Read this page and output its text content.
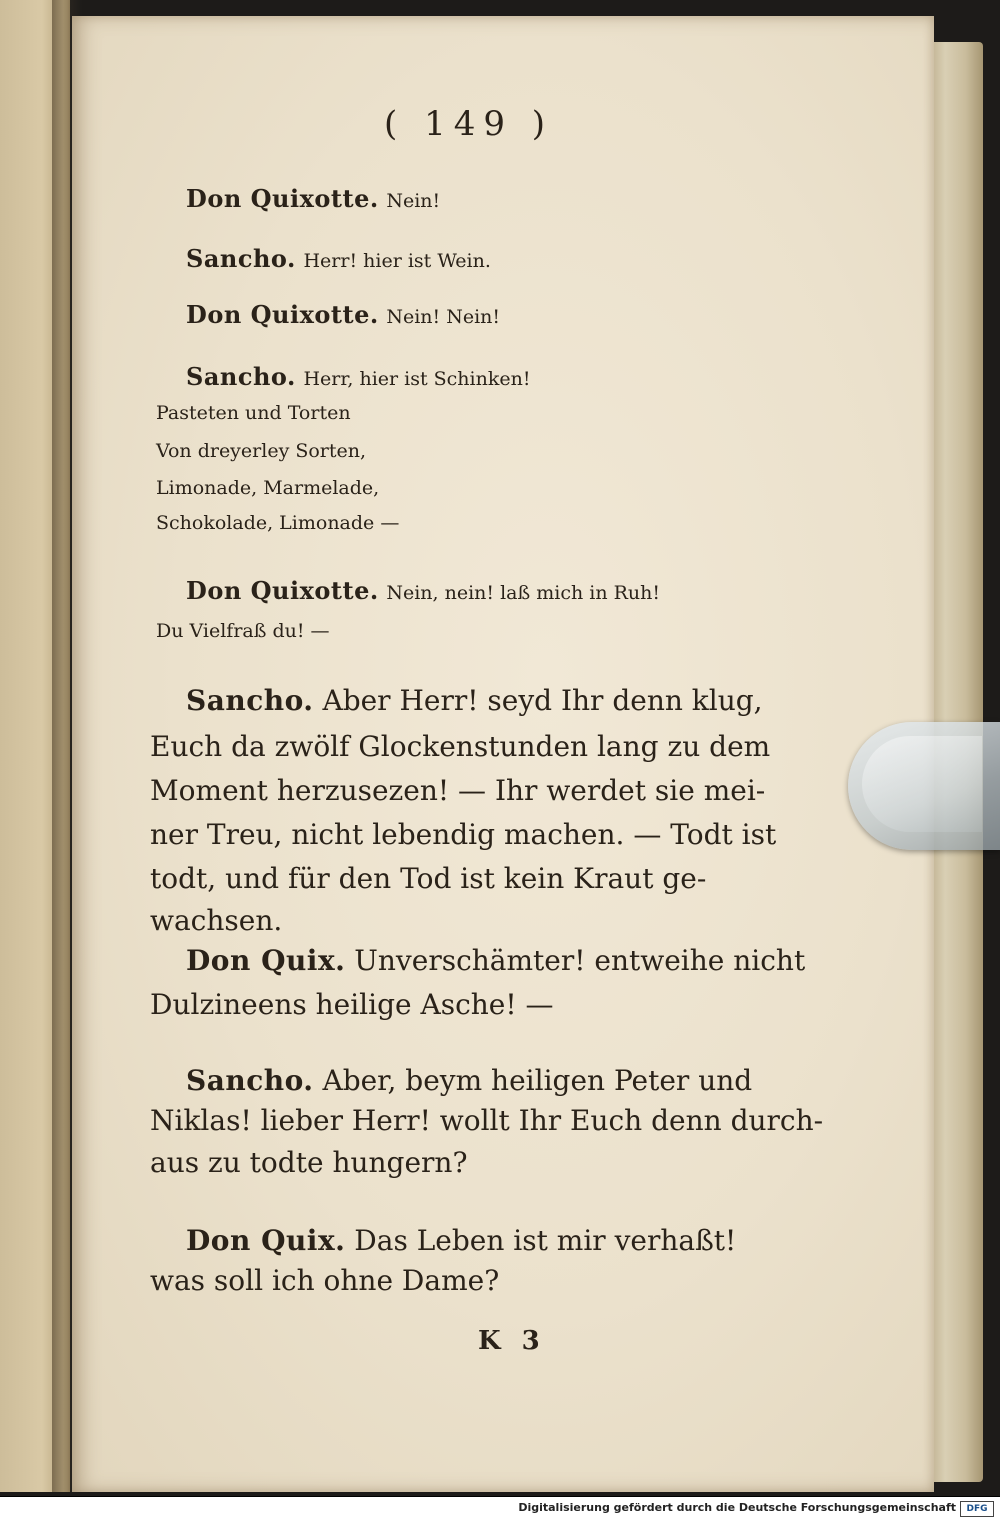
( 149 )
Don Quixotte. Nein!
Sancho. Herr! hier ist Wein.
Don Quixotte. Nein! Nein!
Sancho. Herr, hier ist Schinken!
Pasteten und Torten
Von dreyerley Sorten,
Limonade, Marmelade,
Schokolade, Limonade —
Don Quixotte. Nein, nein! laß mich in Ruh!
Du Vielfraß du! —
Sancho. Aber Herr! seyd Ihr denn klug,
Euch da zwölf Glockenstunden lang zu dem
Moment herzusezen! — Ihr werdet sie mei-
ner Treu, nicht lebendig machen. — Todt ist
todt, und für den Tod ist kein Kraut ge-
wachsen.
Don Quix. Unverschämter! entweihe nicht
Dulzineens heilige Asche! —
Sancho. Aber, beym heiligen Peter und
Niklas! lieber Herr! wollt Ihr Euch denn durch-
aus zu todte hungern?
Don Quix. Das Leben ist mir verhaßt!
was soll ich ohne Dame?
K 3
Digitalisierung gefördert durch die Deutsche Forschungsgemeinschaft	DFG
